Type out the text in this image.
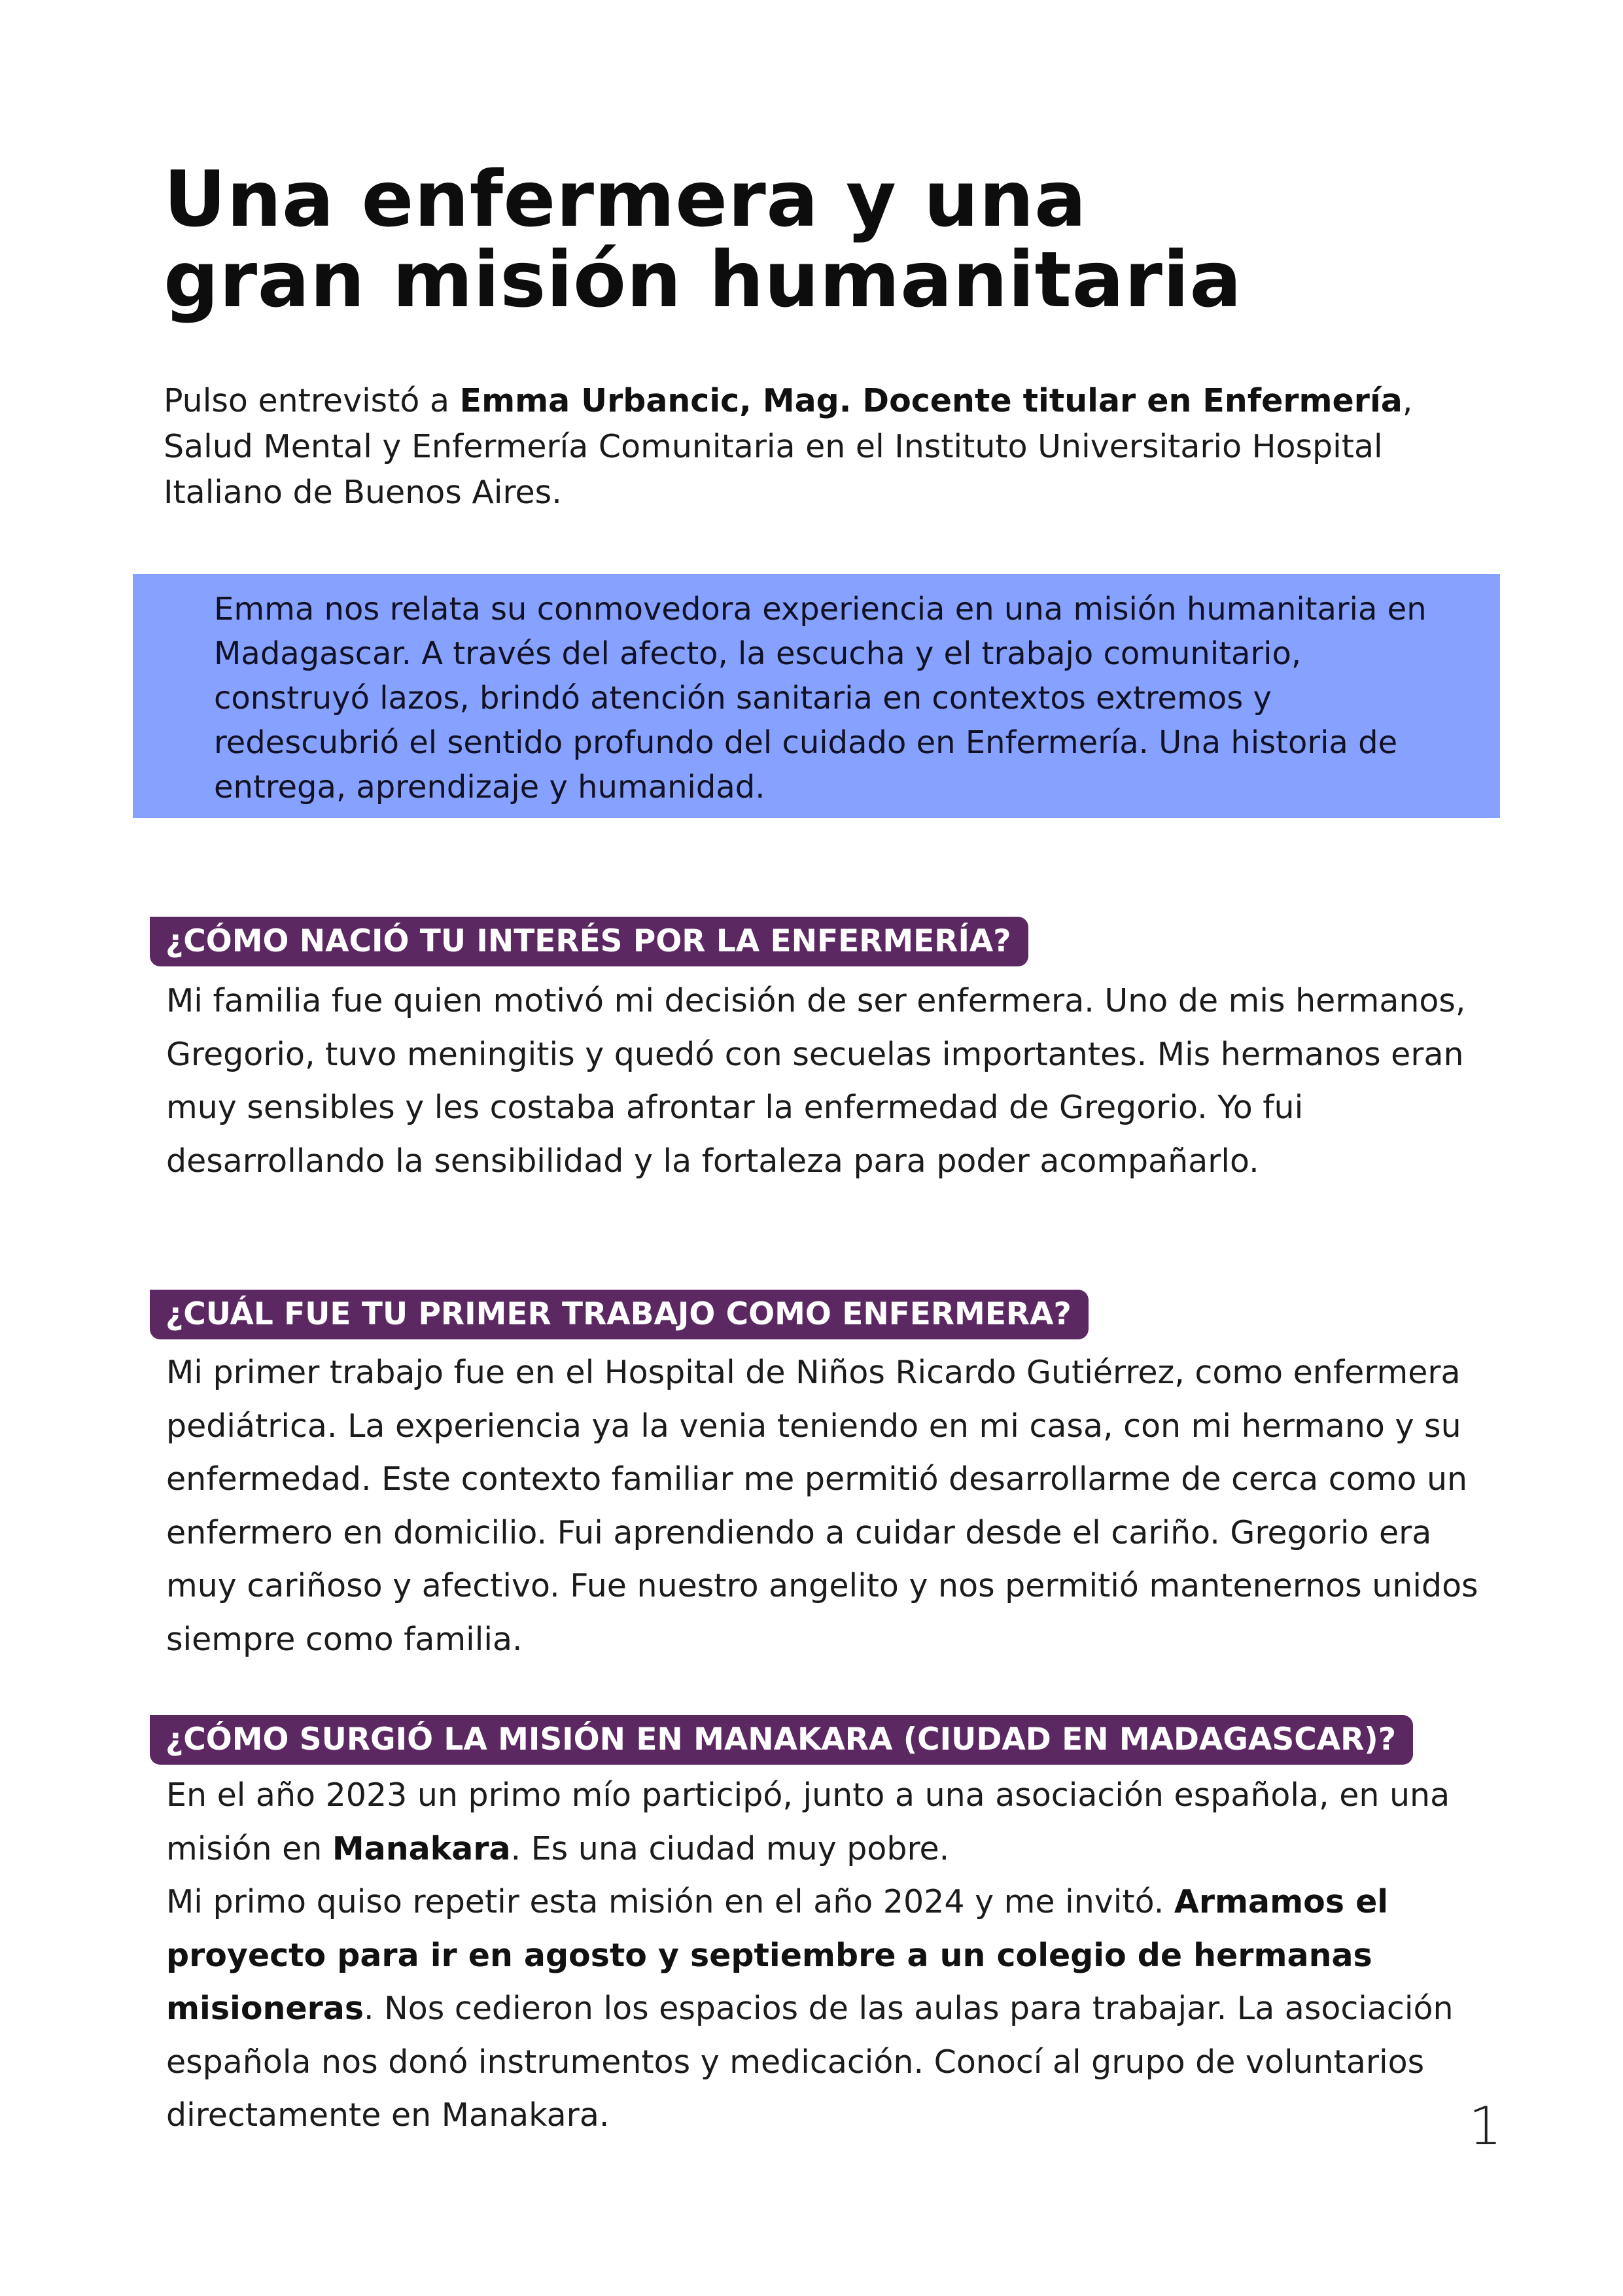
Una enfermera y una
gran misión humanitaria

Pulso entrevistó a Emma Urbancic, Mag. Docente titular en Enfermería, Salud Mental y Enfermería Comunitaria en el Instituto Universitario Hospital Italiano de Buenos Aires.

Emma nos relata su conmovedora experiencia en una misión humanitaria en Madagascar. A través del afecto, la escucha y el trabajo comunitario, construyó lazos, brindó atención sanitaria en contextos extremos y redescubrió el sentido profundo del cuidado en Enfermería. Una historia de entrega, aprendizaje y humanidad.

¿CÓMO NACIÓ TU INTERÉS POR LA ENFERMERÍA?

Mi familia fue quien motivó mi decisión de ser enfermera. Uno de mis hermanos, Gregorio, tuvo meningitis y quedó con secuelas importantes. Mis hermanos eran muy sensibles y les costaba afrontar la enfermedad de Gregorio. Yo fui desarrollando la sensibilidad y la fortaleza para poder acompañarlo.

¿CUÁL FUE TU PRIMER TRABAJO COMO ENFERMERA?

Mi primer trabajo fue en el Hospital de Niños Ricardo Gutiérrez, como enfermera pediátrica. La experiencia ya la venia teniendo en mi casa, con mi hermano y su enfermedad. Este contexto familiar me permitió desarrollarme de cerca como un enfermero en domicilio. Fui aprendiendo a cuidar desde el cariño. Gregorio era muy cariñoso y afectivo. Fue nuestro angelito y nos permitió mantenernos unidos siempre como familia.

¿CÓMO SURGIÓ LA MISIÓN EN MANAKARA (CIUDAD EN MADAGASCAR)?

En el año 2023 un primo mío participó, junto a una asociación española, en una misión en Manakara. Es una ciudad muy pobre.
Mi primo quiso repetir esta misión en el año 2024 y me invitó. Armamos el proyecto para ir en agosto y septiembre a un colegio de hermanas misioneras. Nos cedieron los espacios de las aulas para trabajar. La asociación española nos donó instrumentos y medicación. Conocí al grupo de voluntarios directamente en Manakara.	1
